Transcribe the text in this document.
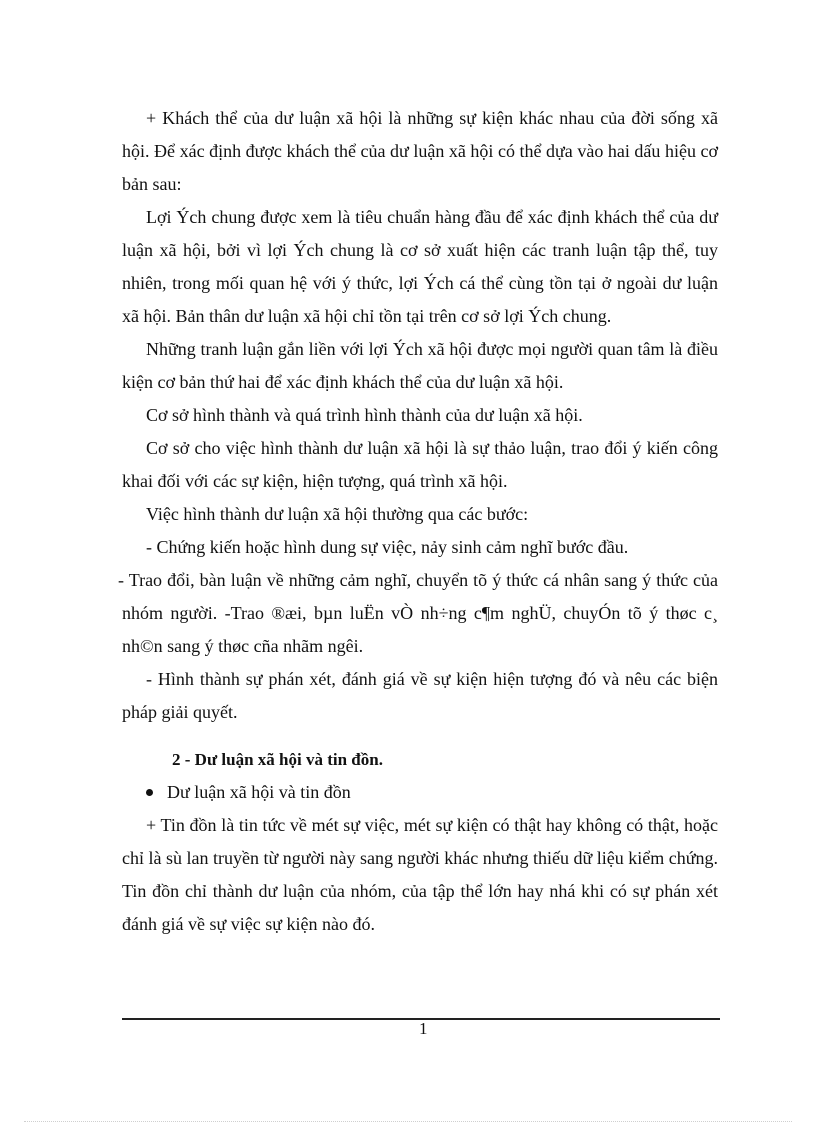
+ Khách thể của dư luận xã hội là những sự kiện khác nhau của đời sống xã hội. Để xác định được khách thể của dư luận xã hội có thể dựa vào hai dấu hiệu cơ bản sau:

Lợi Ých chung được xem là tiêu chuẩn hàng đầu để xác định khách thể của dư luận xã hội, bởi vì lợi Ých chung là cơ sở xuất hiện các tranh luận tập thể, tuy nhiên, trong mối quan hệ với ý thức, lợi Ých cá thể cùng tồn tại ở ngoài dư luận xã hội. Bản thân dư luận xã hội chỉ tồn tại trên cơ sở lợi Ých chung.

Những tranh luận gắn liền với lợi Ých xã hội được mọi người quan tâm là điều kiện cơ bản thứ hai để xác định khách thể của dư luận xã hội.

Cơ sở hình thành và quá trình hình thành của dư luận xã hội.

Cơ sở cho việc hình thành dư luận xã hội là sự thảo luận, trao đổi ý kiến công khai đối với các sự kiện, hiện tượng, quá trình xã hội.

Việc hình thành dư luận xã hội thường qua các bước:

- Chứng kiến hoặc hình dung sự việc, nảy sinh cảm nghĩ bước đầu.

- Trao đổi, bàn luận về những cảm nghĩ, chuyển tõ ý thức cá nhân sang ý thức của nhóm người. -Trao ®æi, bµn luËn vÒ nh÷ng c¶m nghÜ, chuyÓn tõ ý thøc c¸ nh©n sang ý thøc cña nhãm ngêi.

- Hình thành sự phán xét, đánh giá về sự kiện hiện tượng đó và nêu các biện pháp giải quyết.

2 - Dư luận xã hội và tin đồn.

Dư luận xã hội và tin đồn

+ Tin đồn là tin tức về mét sự việc, mét sự kiện có thật hay không có thật, hoặc chỉ là sù lan truyền từ người này sang người khác nhưng thiếu dữ liệu kiểm chứng. Tin đồn chỉ thành dư luận của nhóm, của tập thể lớn hay nhá khi có sự phán xét đánh giá về sự việc sự kiện nào đó.

1
